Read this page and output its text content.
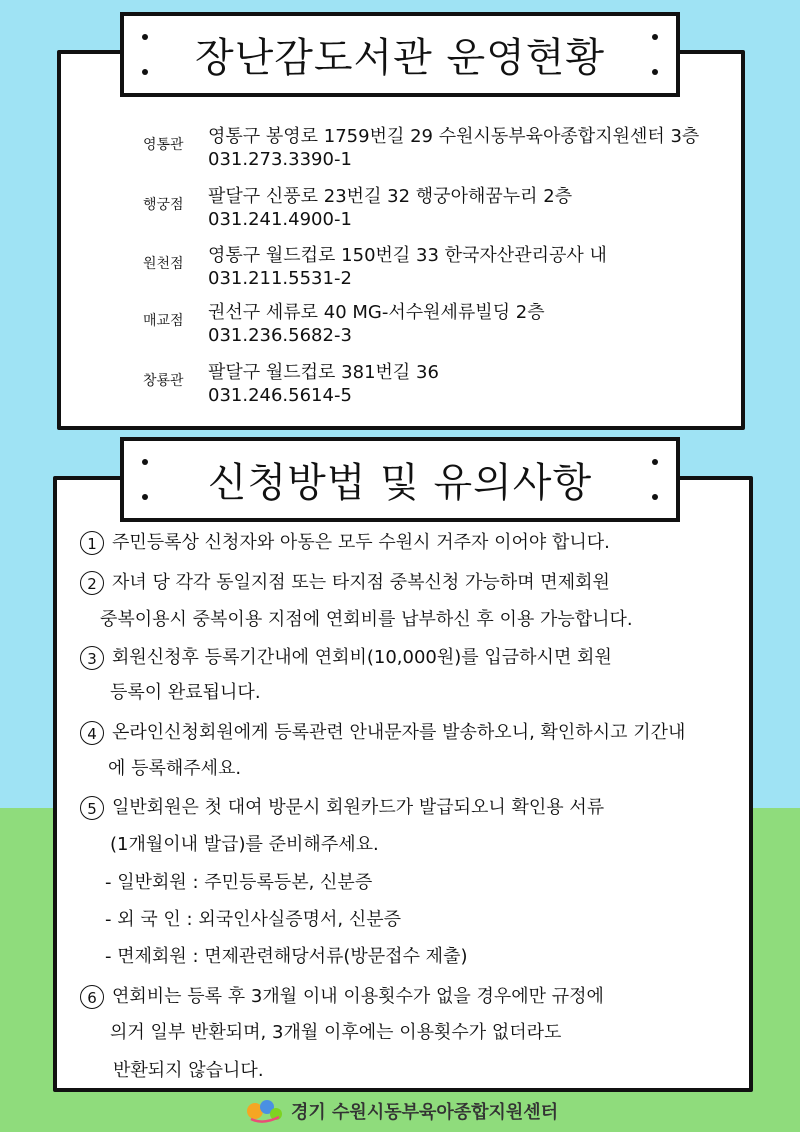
장난감도서관 운영현황
영통관 영통구 봉영로 1759번길 29 수원시동부육아종합지원센터 3층
031.273.3390-1
행궁점 팔달구 신풍로 23번길 32 행궁아해꿈누리 2층
031.241.4900-1
원천점 영통구 월드컵로 150번길 33 한국자산관리공사 내
031.211.5531-2
매교점 권선구 세류로 40 MG-서수원세류빌딩 2층
031.236.5682-3
창룡관 팔달구 월드컵로 381번길 36
031.246.5614-5
신청방법 및 유의사항
1 주민등록상 신청자와 아동은 모두 수원시 거주자 이어야 합니다.
2 자녀 당 각각 동일지점 또는 타지점 중복신청 가능하며 면제회원
중복이용시 중복이용 지점에 연회비를 납부하신 후 이용 가능합니다.
3 회원신청후 등록기간내에 연회비(10,000원)를 입금하시면 회원
등록이 완료됩니다.
4 온라인신청회원에게 등록관련 안내문자를 발송하오니, 확인하시고 기간내
에 등록해주세요.
5 일반회원은 첫 대여 방문시 회원카드가 발급되오니 확인용 서류
(1개월이내 발급)를 준비해주세요.
- 일반회원 : 주민등록등본, 신분증
- 외 국 인 : 외국인사실증명서, 신분증
- 면제회원 : 면제관련해당서류(방문접수 제출)
6 연회비는 등록 후 3개월 이내 이용횟수가 없을 경우에만 규정에
의거 일부 반환되며, 3개월 이후에는 이용횟수가 없더라도
반환되지 않습니다.
경기 수원시동부육아종합지원센터
